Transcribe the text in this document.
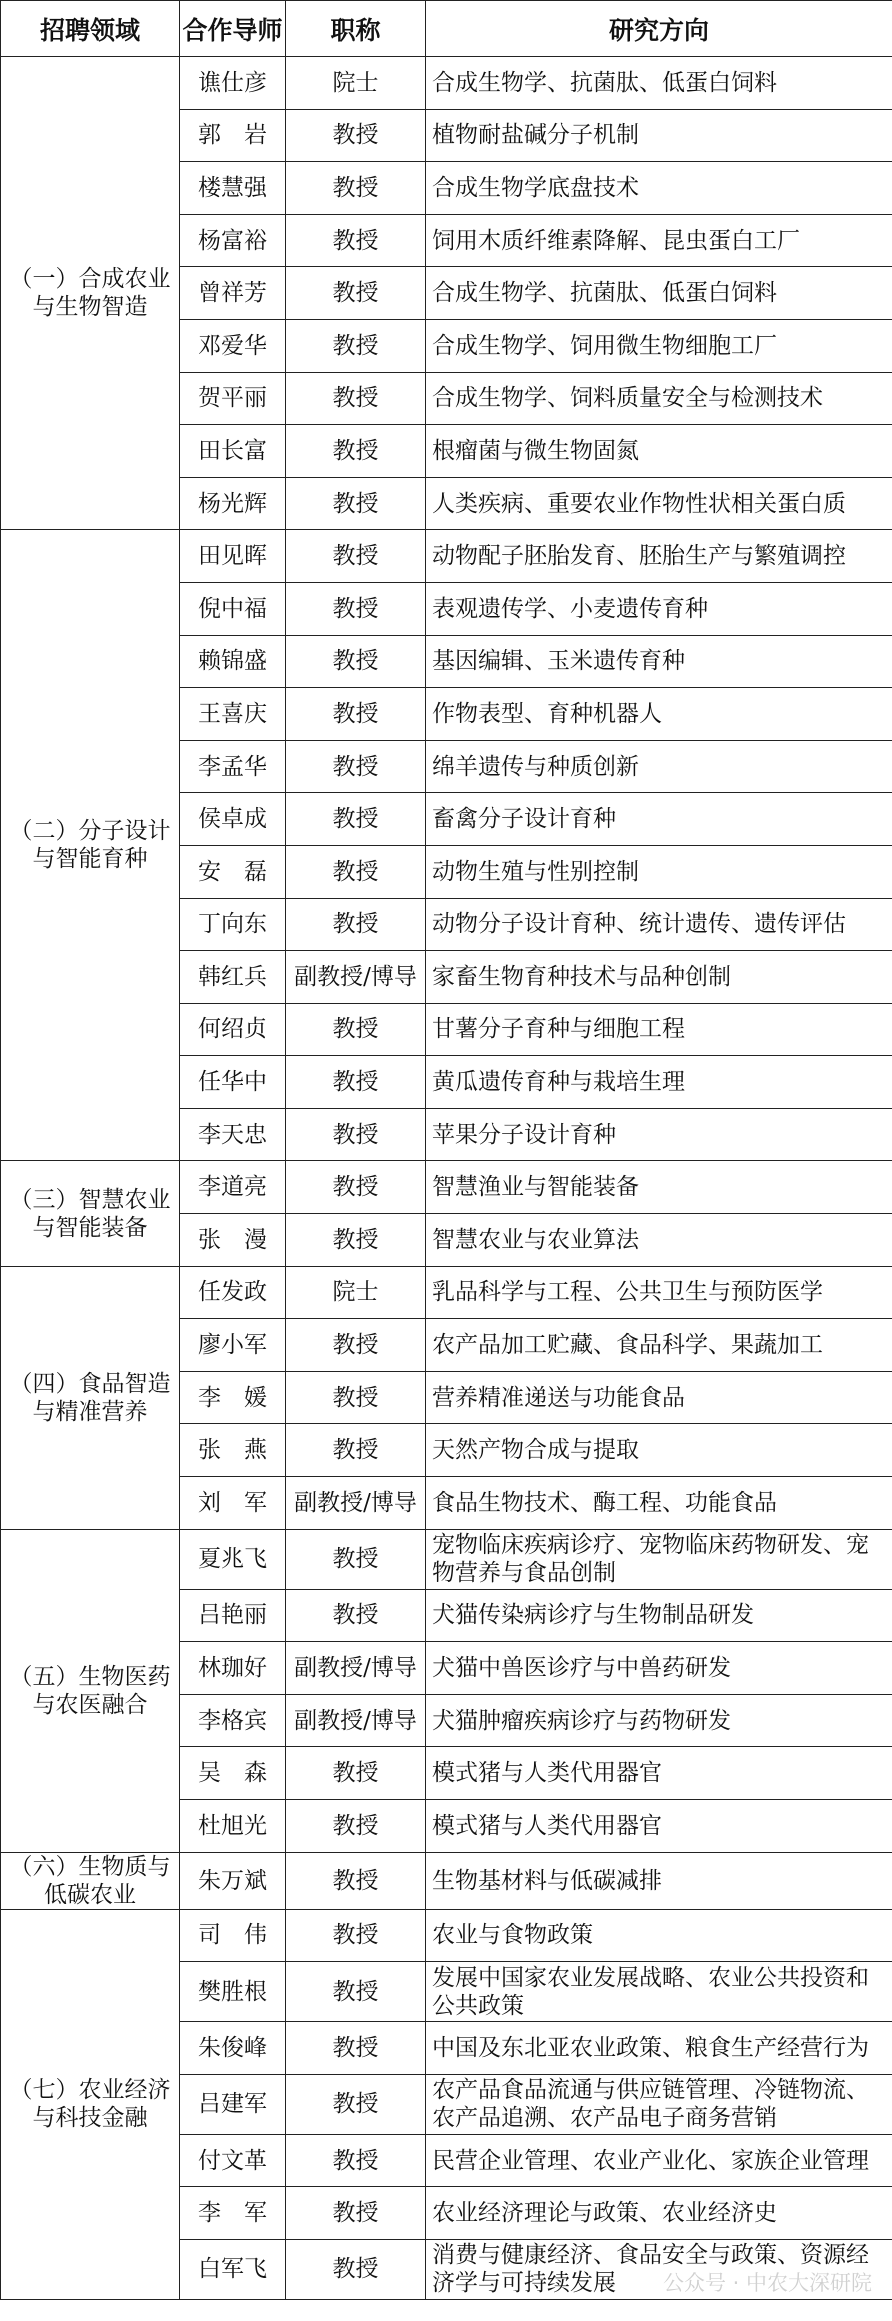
招聘领域	合作导师	职称	研究方向
（一）合成农业与生物智造	谯仕彦	院士	合成生物学、抗菌肽、低蛋白饲料
	郭　岩	教授	植物耐盐碱分子机制
	楼慧强	教授	合成生物学底盘技术
	杨富裕	教授	饲用木质纤维素降解、昆虫蛋白工厂
	曾祥芳	教授	合成生物学、抗菌肽、低蛋白饲料
	邓爱华	教授	合成生物学、饲用微生物细胞工厂
	贺平丽	教授	合成生物学、饲料质量安全与检测技术
	田长富	教授	根瘤菌与微生物固氮
	杨光辉	教授	人类疾病、重要农业作物性状相关蛋白质
（二）分子设计与智能育种	田见晖	教授	动物配子胚胎发育、胚胎生产与繁殖调控
	倪中福	教授	表观遗传学、小麦遗传育种
	赖锦盛	教授	基因编辑、玉米遗传育种
	王喜庆	教授	作物表型、育种机器人
	李孟华	教授	绵羊遗传与种质创新
	侯卓成	教授	畜禽分子设计育种
	安　磊	教授	动物生殖与性别控制
	丁向东	教授	动物分子设计育种、统计遗传、遗传评估
	韩红兵	副教授/博导	家畜生物育种技术与品种创制
	何绍贞	教授	甘薯分子育种与细胞工程
	任华中	教授	黄瓜遗传育种与栽培生理
	李天忠	教授	苹果分子设计育种
（三）智慧农业与智能装备	李道亮	教授	智慧渔业与智能装备
	张　漫	教授	智慧农业与农业算法
（四）食品智造与精准营养	任发政	院士	乳品科学与工程、公共卫生与预防医学
	廖小军	教授	农产品加工贮藏、食品科学、果蔬加工
	李　媛	教授	营养精准递送与功能食品
	张　燕	教授	天然产物合成与提取
	刘　军	副教授/博导	食品生物技术、酶工程、功能食品
（五）生物医药与农医融合	夏兆飞	教授	宠物临床疾病诊疗、宠物临床药物研发、宠物营养与食品创制
	吕艳丽	教授	犬猫传染病诊疗与生物制品研发
	林珈好	副教授/博导	犬猫中兽医诊疗与中兽药研发
	李格宾	副教授/博导	犬猫肿瘤疾病诊疗与药物研发
	吴　森	教授	模式猪与人类代用器官
	杜旭光	教授	模式猪与人类代用器官
（六）生物质与低碳农业	朱万斌	教授	生物基材料与低碳减排
（七）农业经济与科技金融	司　伟	教授	农业与食物政策
	樊胜根	教授	发展中国家农业发展战略、农业公共投资和公共政策
	朱俊峰	教授	中国及东北亚农业政策、粮食生产经营行为
	吕建军	教授	农产品食品流通与供应链管理、冷链物流、农产品追溯、农产品电子商务营销
	付文革	教授	民营企业管理、农业产业化、家族企业管理
	李　军	教授	农业经济理论与政策、农业经济史
	白军飞	教授	消费与健康经济、食品安全与政策、资源经济学与可持续发展 公众号 · 中农大深研院
